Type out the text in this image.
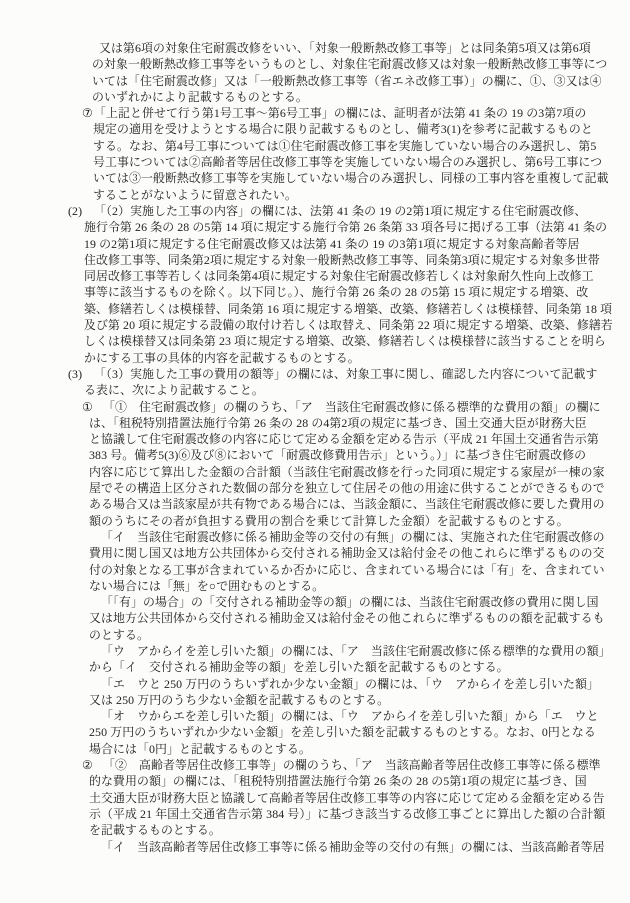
又は第6項の対象住宅耐震改修をいい、「対象一般断熱改修工事等」とは同条第5項又は第6項
の対象一般断熱改修工事等をいうものとし、対象住宅耐震改修又は対象一般断熱改修工事等につ
いては「住宅耐震改修」又は「一般断熱改修工事等（省エネ改修工事）」の欄に、①、③又は④
のいずれかにより記載するものとする。
⑦「上記と併せて行う第1号工事〜第6号工事」の欄には、証明者が法第 41 条の 19 の3第7項の
規定の適用を受けようとする場合に限り記載するものとし、備考3(1)を参考に記載するものと
する。なお、第4号工事については①住宅耐震改修工事を実施していない場合のみ選択し、第5
号工事については②高齢者等居住改修工事等を実施していない場合のみ選択し、第6号工事につ
いては③一般断熱改修工事等を実施していない場合のみ選択し、同様の工事内容を重複して記載
することがないように留意されたい。
(2) 「（2）実施した工事の内容」の欄には、法第 41 条の 19 の2第1項に規定する住宅耐震改修、
施行令第 26 条の 28 の5第 14 項に規定する施行令第 26 条第 33 項各号に掲げる工事（法第 41 条の
19 の2第1項に規定する住宅耐震改修又は法第 41 条の 19 の3第1項に規定する対象高齢者等居
住改修工事等、同条第2項に規定する対象一般断熱改修工事等、同条第3項に規定する対象多世帯
同居改修工事等若しくは同条第4項に規定する対象住宅耐震改修若しくは対象耐久性向上改修工
事等に該当するものを除く。以下同じ。）、施行令第 26 条の 28 の5第 15 項に規定する増築、改
築、修繕若しくは模様替、同条第 16 項に規定する増築、改築、修繕若しくは模様替、同条第 18 項
及び第 20 項に規定する設備の取付け若しくは取替え、同条第 22 項に規定する増築、改築、修繕若
しくは模様替又は同条第 23 項に規定する増築、改築、修繕若しくは模様替に該当することを明ら
かにする工事の具体的内容を記載するものとする。
(3) 「（3）実施した工事の費用の額等」の欄には、対象工事に関し、確認した内容について記載す
る表に、次により記載すること。
① 「①　住宅耐震改修」の欄のうち、「ア　当該住宅耐震改修に係る標準的な費用の額」の欄に
は、「租税特別措置法施行令第 26 条の 28 の4第2項の規定に基づき、国土交通大臣が財務大臣
と協議して住宅耐震改修の内容に応じて定める金額を定める告示（平成 21 年国土交通省告示第
383 号。備考5(3)⑥及び⑧において「耐震改修費用告示」という。）」に基づき住宅耐震改修の
内容に応じて算出した金額の合計額（当該住宅耐震改修を行った同項に規定する家屋が一棟の家
屋でその構造上区分された数個の部分を独立して住居その他の用途に供することができるもので
ある場合又は当該家屋が共有物である場合には、当該金額に、当該住宅耐震改修に要した費用の
額のうちにその者が負担する費用の割合を乗じて計算した金額）を記載するものとする。
「イ　当該住宅耐震改修に係る補助金等の交付の有無」の欄には、実施された住宅耐震改修の
費用に関し国又は地方公共団体から交付される補助金又は給付金その他これらに準ずるものの交
付の対象となる工事が含まれているか否かに応じ、含まれている場合には「有」を、含まれてい
ない場合には「無」を○で囲むものとする。
「「有」の場合」の「交付される補助金等の額」の欄には、当該住宅耐震改修の費用に関し国
又は地方公共団体から交付される補助金又は給付金その他これらに準ずるものの額を記載するも
のとする。
「ウ　アからイを差し引いた額」の欄には、「ア　当該住宅耐震改修に係る標準的な費用の額」
から「イ　交付される補助金等の額」を差し引いた額を記載するものとする。
「エ　ウと 250 万円のうちいずれか少ない金額」の欄には、「ウ　アからイを差し引いた額」
又は 250 万円のうち少ない金額を記載するものとする。
「オ　ウからエを差し引いた額」の欄には、「ウ　アからイを差し引いた額」から「エ　ウと
250 万円のうちいずれか少ない金額」を差し引いた額を記載するものとする。なお、0円となる
場合には「0円」と記載するものとする。
② 「②　高齢者等居住改修工事等」の欄のうち、「ア　当該高齢者等居住改修工事等に係る標準
的な費用の額」の欄には、「租税特別措置法施行令第 26 条の 28 の5第1項の規定に基づき、国
土交通大臣が財務大臣と協議して高齢者等居住改修工事等の内容に応じて定める金額を定める告
示（平成 21 年国土交通省告示第 384 号）」に基づき該当する改修工事ごとに算出した額の合計額
を記載するものとする。
「イ　当該高齢者等居住改修工事等に係る補助金等の交付の有無」の欄には、当該高齢者等居
